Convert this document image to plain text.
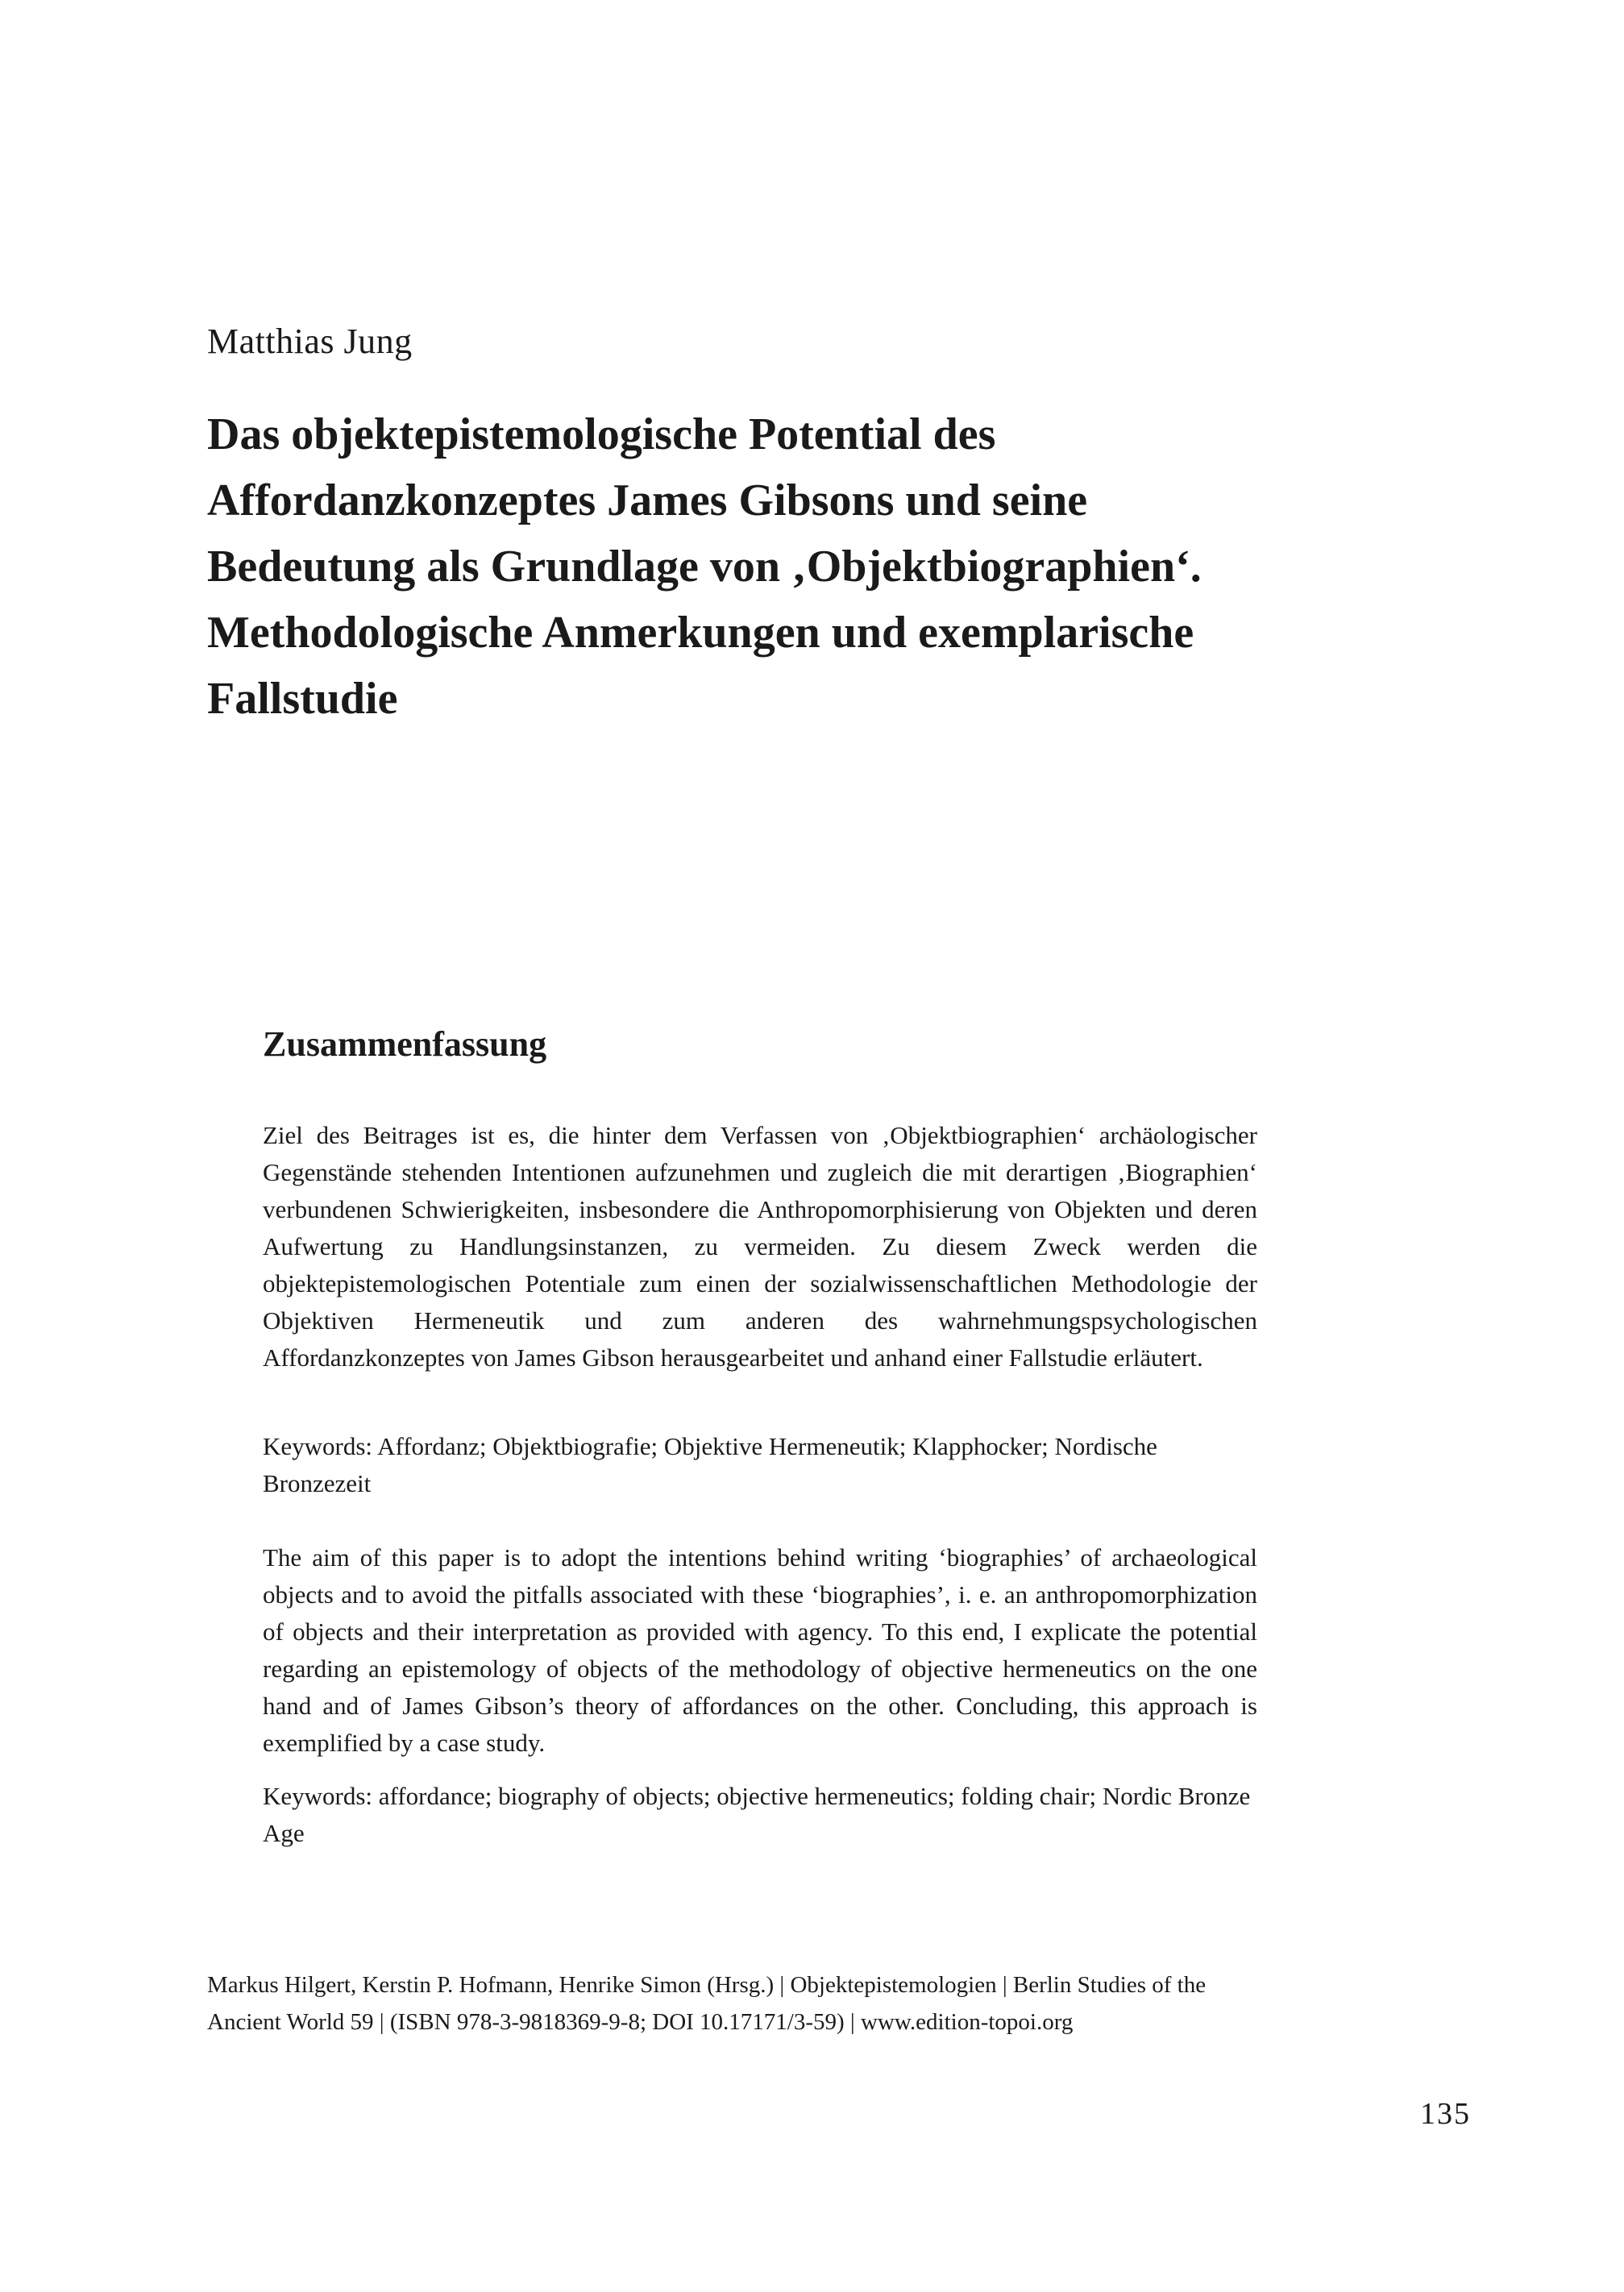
Matthias Jung
Das objektepistemologische Potential des
Affordanzkonzeptes James Gibsons und seine
Bedeutung als Grundlage von ‚Objektbiographien‘.
Methodologische Anmerkungen und exemplarische
Fallstudie
Zusammenfassung

Ziel des Beitrages ist es, die hinter dem Verfassen von ‚Objektbiographien‘ archäologischer Gegenstände stehenden Intentionen aufzunehmen und zugleich die mit derartigen ‚Biographien‘ verbundenen Schwierigkeiten, insbesondere die Anthropomorphisierung von Objekten und deren Aufwertung zu Handlungsinstanzen, zu vermeiden. Zu diesem Zweck werden die objektepistemologischen Potentiale zum einen der sozialwissenschaftlichen Methodologie der Objektiven Hermeneutik und zum anderen des wahrnehmungspsychologischen Affordanzkonzeptes von James Gibson herausgearbeitet und anhand einer Fallstudie erläutert.

Keywords: Affordanz; Objektbiografie; Objektive Hermeneutik; Klapphocker; Nordische Bronzezeit

The aim of this paper is to adopt the intentions behind writing ‘biographies’ of archaeological objects and to avoid the pitfalls associated with these ‘biographies’, i. e. an anthropomorphization of objects and their interpretation as provided with agency. To this end, I explicate the potential regarding an epistemology of objects of the methodology of objective hermeneutics on the one hand and of James Gibson’s theory of affordances on the other. Concluding, this approach is exemplified by a case study.

Keywords: affordance; biography of objects; objective hermeneutics; folding chair; Nordic Bronze Age

Markus Hilgert, Kerstin P. Hofmann, Henrike Simon (Hrsg.) | Objektepistemologien | Berlin Studies of the Ancient World 59 | (ISBN 978-3-9818369-9-8; DOI 10.17171/3-59) | www.edition-topoi.org

135
